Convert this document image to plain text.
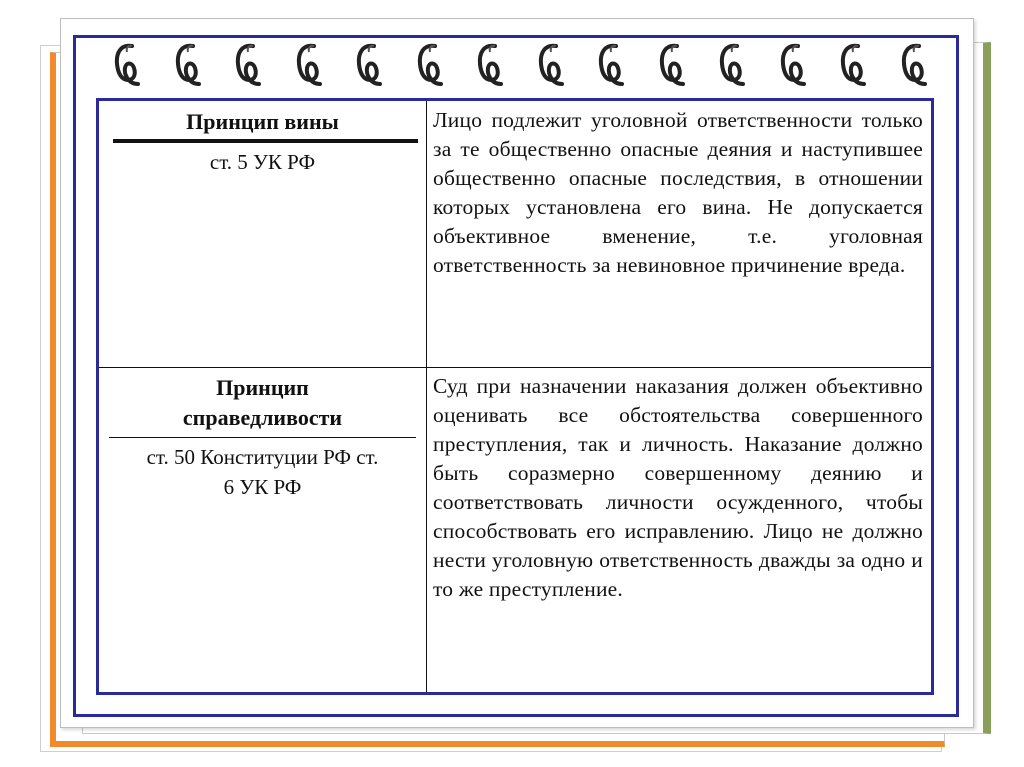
Принцип вины
ст. 5 УК РФ
Лицо подлежит уголовной ответственности только за те общественно опасные деяния и наступившее общественно опасные последствия, в отношении которых установлена его вина. Не допускается объективное вменение, т.е. уголовная ответственность за невиновное причинение вреда.
Принцип справедливости
ст. 50 Конституции РФ ст. 6 УК РФ
Суд при назначении наказания должен объективно оценивать все обстоятельства совершенного преступления, так и личность. Наказание должно быть соразмерно совершенному деянию и соответствовать личности осужденного, чтобы способствовать его исправлению. Лицо не должно нести уголовную ответственность дважды за одно и то же преступление.
